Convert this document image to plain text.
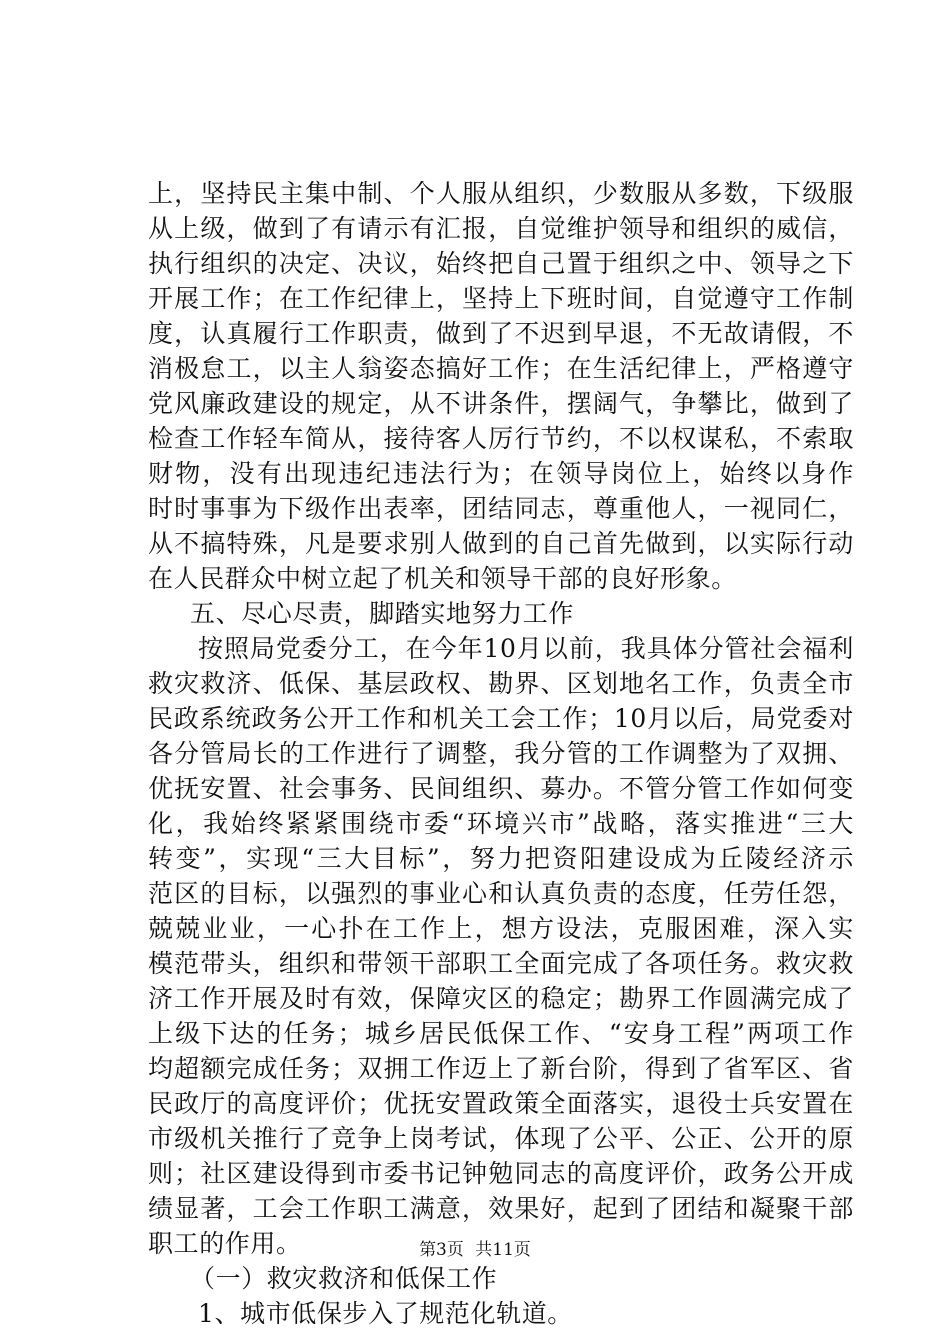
上，坚持民主集中制、个人服从组织，少数服从多数，下级服
从上级，做到了有请示有汇报，自觉维护领导和组织的威信，
执行组织的决定、决议，始终把自己置于组织之中、领导之下
开展工作；在工作纪律上，坚持上下班时间，自觉遵守工作制
度，认真履行工作职责，做到了不迟到早退，不无故请假，不
消极怠工，以主人翁姿态搞好工作；在生活纪律上，严格遵守
党风廉政建设的规定，从不讲条件，摆阔气，争攀比，做到了
检查工作轻车简从，接待客人厉行节约，不以权谋私，不索取
财物，没有出现违纪违法行为；在领导岗位上，始终以身作
时时事事为下级作出表率，团结同志，尊重他人，一视同仁，
从不搞特殊，凡是要求别人做到的自己首先做到，以实际行动
在人民群众中树立起了机关和领导干部的良好形象。
五、尽心尽责，脚踏实地努力工作
按照局党委分工，在今年10月以前，我具体分管社会福利
救灾救济、低保、基层政权、勘界、区划地名工作，负责全市
民政系统政务公开工作和机关工会工作；10月以后，局党委对
各分管局长的工作进行了调整，我分管的工作调整为了双拥、
优抚安置、社会事务、民间组织、募办。不管分管工作如何变
化，我始终紧紧围绕市委“环境兴市”战略，落实推进“三大
转变”，实现“三大目标”，努力把资阳建设成为丘陵经济示
范区的目标，以强烈的事业心和认真负责的态度，任劳任怨，
兢兢业业，一心扑在工作上，想方设法，克服困难，深入实
模范带头，组织和带领干部职工全面完成了各项任务。救灾救
济工作开展及时有效，保障灾区的稳定；勘界工作圆满完成了
上级下达的任务；城乡居民低保工作、“安身工程”两项工作
均超额完成任务；双拥工作迈上了新台阶，得到了省军区、省
民政厅的高度评价；优抚安置政策全面落实，退役士兵安置在
市级机关推行了竞争上岗考试，体现了公平、公正、公开的原
则；社区建设得到市委书记钟勉同志的高度评价，政务公开成
绩显著，工会工作职工满意，效果好，起到了团结和凝聚干部
职工的作用。
（一）救灾救济和低保工作
1、城市低保步入了规范化轨道。
第3页 共11页
